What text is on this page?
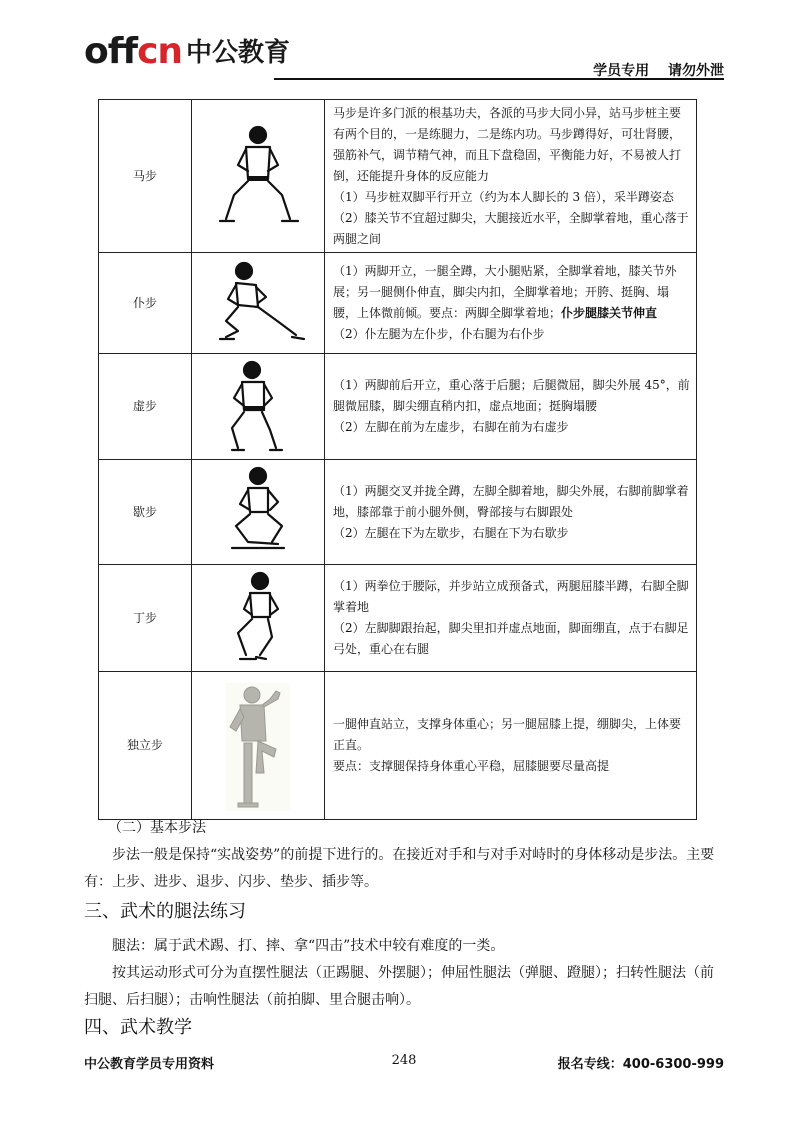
offcn 中公教育
学员专用 请勿外泄
马步		马步是许多门派的根基功夫，各派的马步大同小异，站马步桩主要有两个目的，一是练腿力，二是练内功。马步蹲得好，可壮肾腰，强筋补气，调节精气神，而且下盘稳固，平衡能力好，不易被人打倒，还能提升身体的反应能力

（1）马步桩双脚平行开立（约为本人脚长的 3 倍），采半蹲姿态

（2）膝关节不宜超过脚尖，大腿接近水平，全脚掌着地，重心落于两腿之间

仆步		（1）两脚开立，一腿全蹲，大小腿贴紧，全脚掌着地，膝关节外展；另一腿侧仆伸直，脚尖内扣，全脚掌着地；开胯、挺胸、塌腰，上体微前倾。要点：两脚全脚掌着地；仆步腿膝关节伸直

（2）仆左腿为左仆步，仆右腿为右仆步

虚步		（1）两脚前后开立，重心落于后腿；后腿微屈，脚尖外展 45°，前腿微屈膝，脚尖绷直稍内扣，虚点地面；挺胸塌腰

（2）左脚在前为左虚步，右脚在前为右虚步

歇步		（1）两腿交叉并拢全蹲，左脚全脚着地，脚尖外展，右脚前脚掌着地，膝部靠于前小腿外侧，臀部接与右脚跟处

（2）左腿在下为左歇步，右腿在下为右歇步

丁步		（1）两拳位于腰际，并步站立成预备式，两腿屈膝半蹲，右脚全脚掌着地

（2）左脚脚跟抬起，脚尖里扣并虚点地面，脚面绷直，点于右脚足弓处，重心在右腿

独立步		一腿伸直站立，支撑身体重心；另一腿屈膝上提，绷脚尖，上体要正直。

要点：支撑腿保持身体重心平稳，屈膝腿要尽量高提

（二）基本步法

步法一般是保持“实战姿势”的前提下进行的。在接近对手和与对手对峙时的身体移动是步法。主要有：上步、进步、退步、闪步、垫步、插步等。

三、武术的腿法练习

腿法：属于武术踢、打、摔、拿“四击”技术中较有难度的一类。

按其运动形式可分为直摆性腿法（正踢腿、外摆腿）；伸屈性腿法（弹腿、蹬腿）；扫转性腿法（前扫腿、后扫腿）；击响性腿法（前拍脚、里合腿击响）。

四、武术教学

中公教育学员专用资料	248	报名专线：400-6300-999
